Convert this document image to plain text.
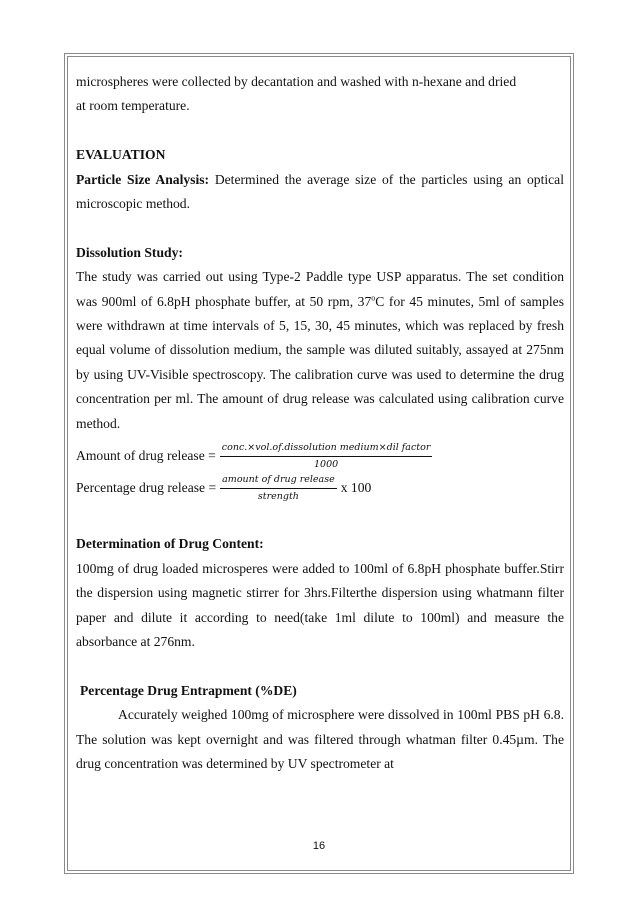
microspheres were collected by decantation and washed with n-hexane and dried
at room temperature.

EVALUATION

Particle Size Analysis: Determined the average size of the particles using an optical microscopic method.

Dissolution Study:

The study was carried out using Type-2 Paddle type USP apparatus. The set condition was 900ml of 6.8pH phosphate buffer, at 50 rpm, 37$^o$C for 45 minutes, 5ml of samples were withdrawn at time intervals of 5, 15, 30, 45 minutes, which was replaced by fresh equal volume of dissolution medium, the sample was diluted suitably, assayed at 275nm by using UV-Visible spectroscopy. The calibration curve was used to determine the drug concentration per ml. The amount of drug release was calculated using calibration curve method.

Amount of drug release = $\frac{\text{conc.×vol.of.dissolution medium×dil factor}}{1000}$
Percentage drug release = $\frac{\text{amount of drug release}}{\text{strength}}$ x 100

Determination of Drug Content:

100mg of drug loaded microsperes were added to 100ml of 6.8pH phosphate buffer.Stirr the dispersion using magnetic stirrer for 3hrs.Filterthe dispersion using whatmann filter paper and dilute it according to need(take 1ml dilute to 100ml) and measure the absorbance at 276nm.

Percentage Drug Entrapment (%DE)

Accurately weighed 100mg of microsphere were dissolved in 100ml PBS pH 6.8. The solution was kept overnight and was filtered through whatman filter 0.45µm. The drug concentration was determined by UV spectrometer at

16
